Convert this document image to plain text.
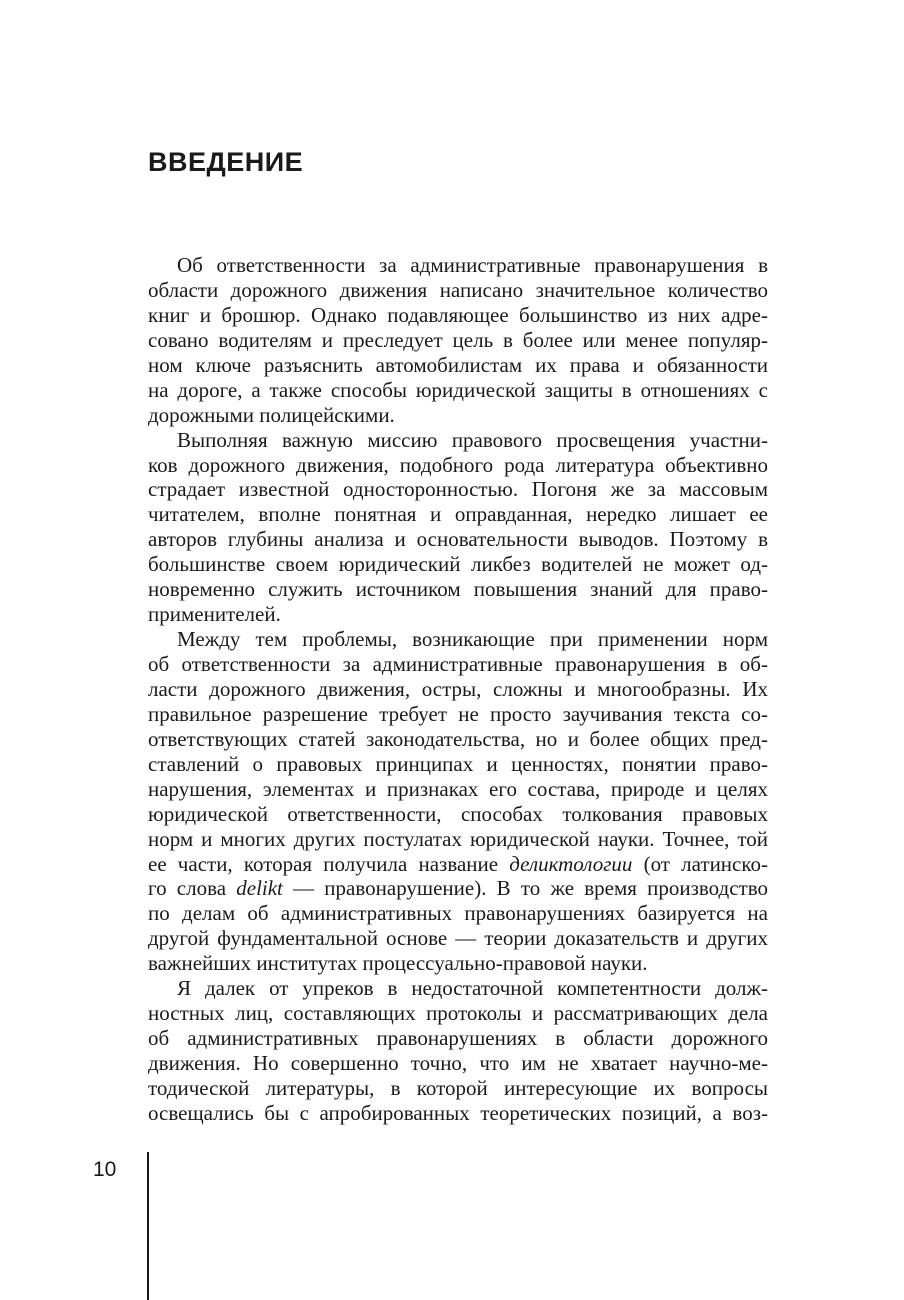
ВВЕДЕНИЕ
Об ответственности за административные правонарушения в
области дорожного движения написано значительное количество
книг и брошюр. Однако подавляющее большинство из них адре-
совано водителям и преследует цель в более или менее популяр-
ном ключе разъяснить автомобилистам их права и обязанности
на дороге, а также способы юридической защиты в отношениях с
дорожными полицейскими.
Выполняя важную миссию правового просвещения участни-
ков дорожного движения, подобного рода литература объективно
страдает известной односторонностью. Погоня же за массовым
читателем, вполне понятная и оправданная, нередко лишает ее
авторов глубины анализа и основательности выводов. Поэтому в
большинстве своем юридический ликбез водителей не может од-
новременно служить источником повышения знаний для право-
применителей.
Между тем проблемы, возникающие при применении норм
об ответственности за административные правонарушения в об-
ласти дорожного движения, остры, сложны и многообразны. Их
правильное разрешение требует не просто заучивания текста со-
ответствующих статей законодательства, но и более общих пред-
ставлений о правовых принципах и ценностях, понятии право-
нарушения, элементах и признаках его состава, природе и целях
юридической ответственности, способах толкования правовых
норм и многих других постулатах юридической науки. Точнее, той
ее части, которая получила название деликтологии (от латинско-
го слова delikt — правонарушение). В то же время производство
по делам об административных правонарушениях базируется на
другой фундаментальной основе — теории доказательств и других
важнейших институтах процессуально-правовой науки.
Я далек от упреков в недостаточной компетентности долж-
ностных лиц, составляющих протоколы и рассматривающих дела
об административных правонарушениях в области дорожного
движения. Но совершенно точно, что им не хватает научно-ме-
тодической литературы, в которой интересующие их вопросы
освещались бы с апробированных теоретических позиций, а воз-
10
